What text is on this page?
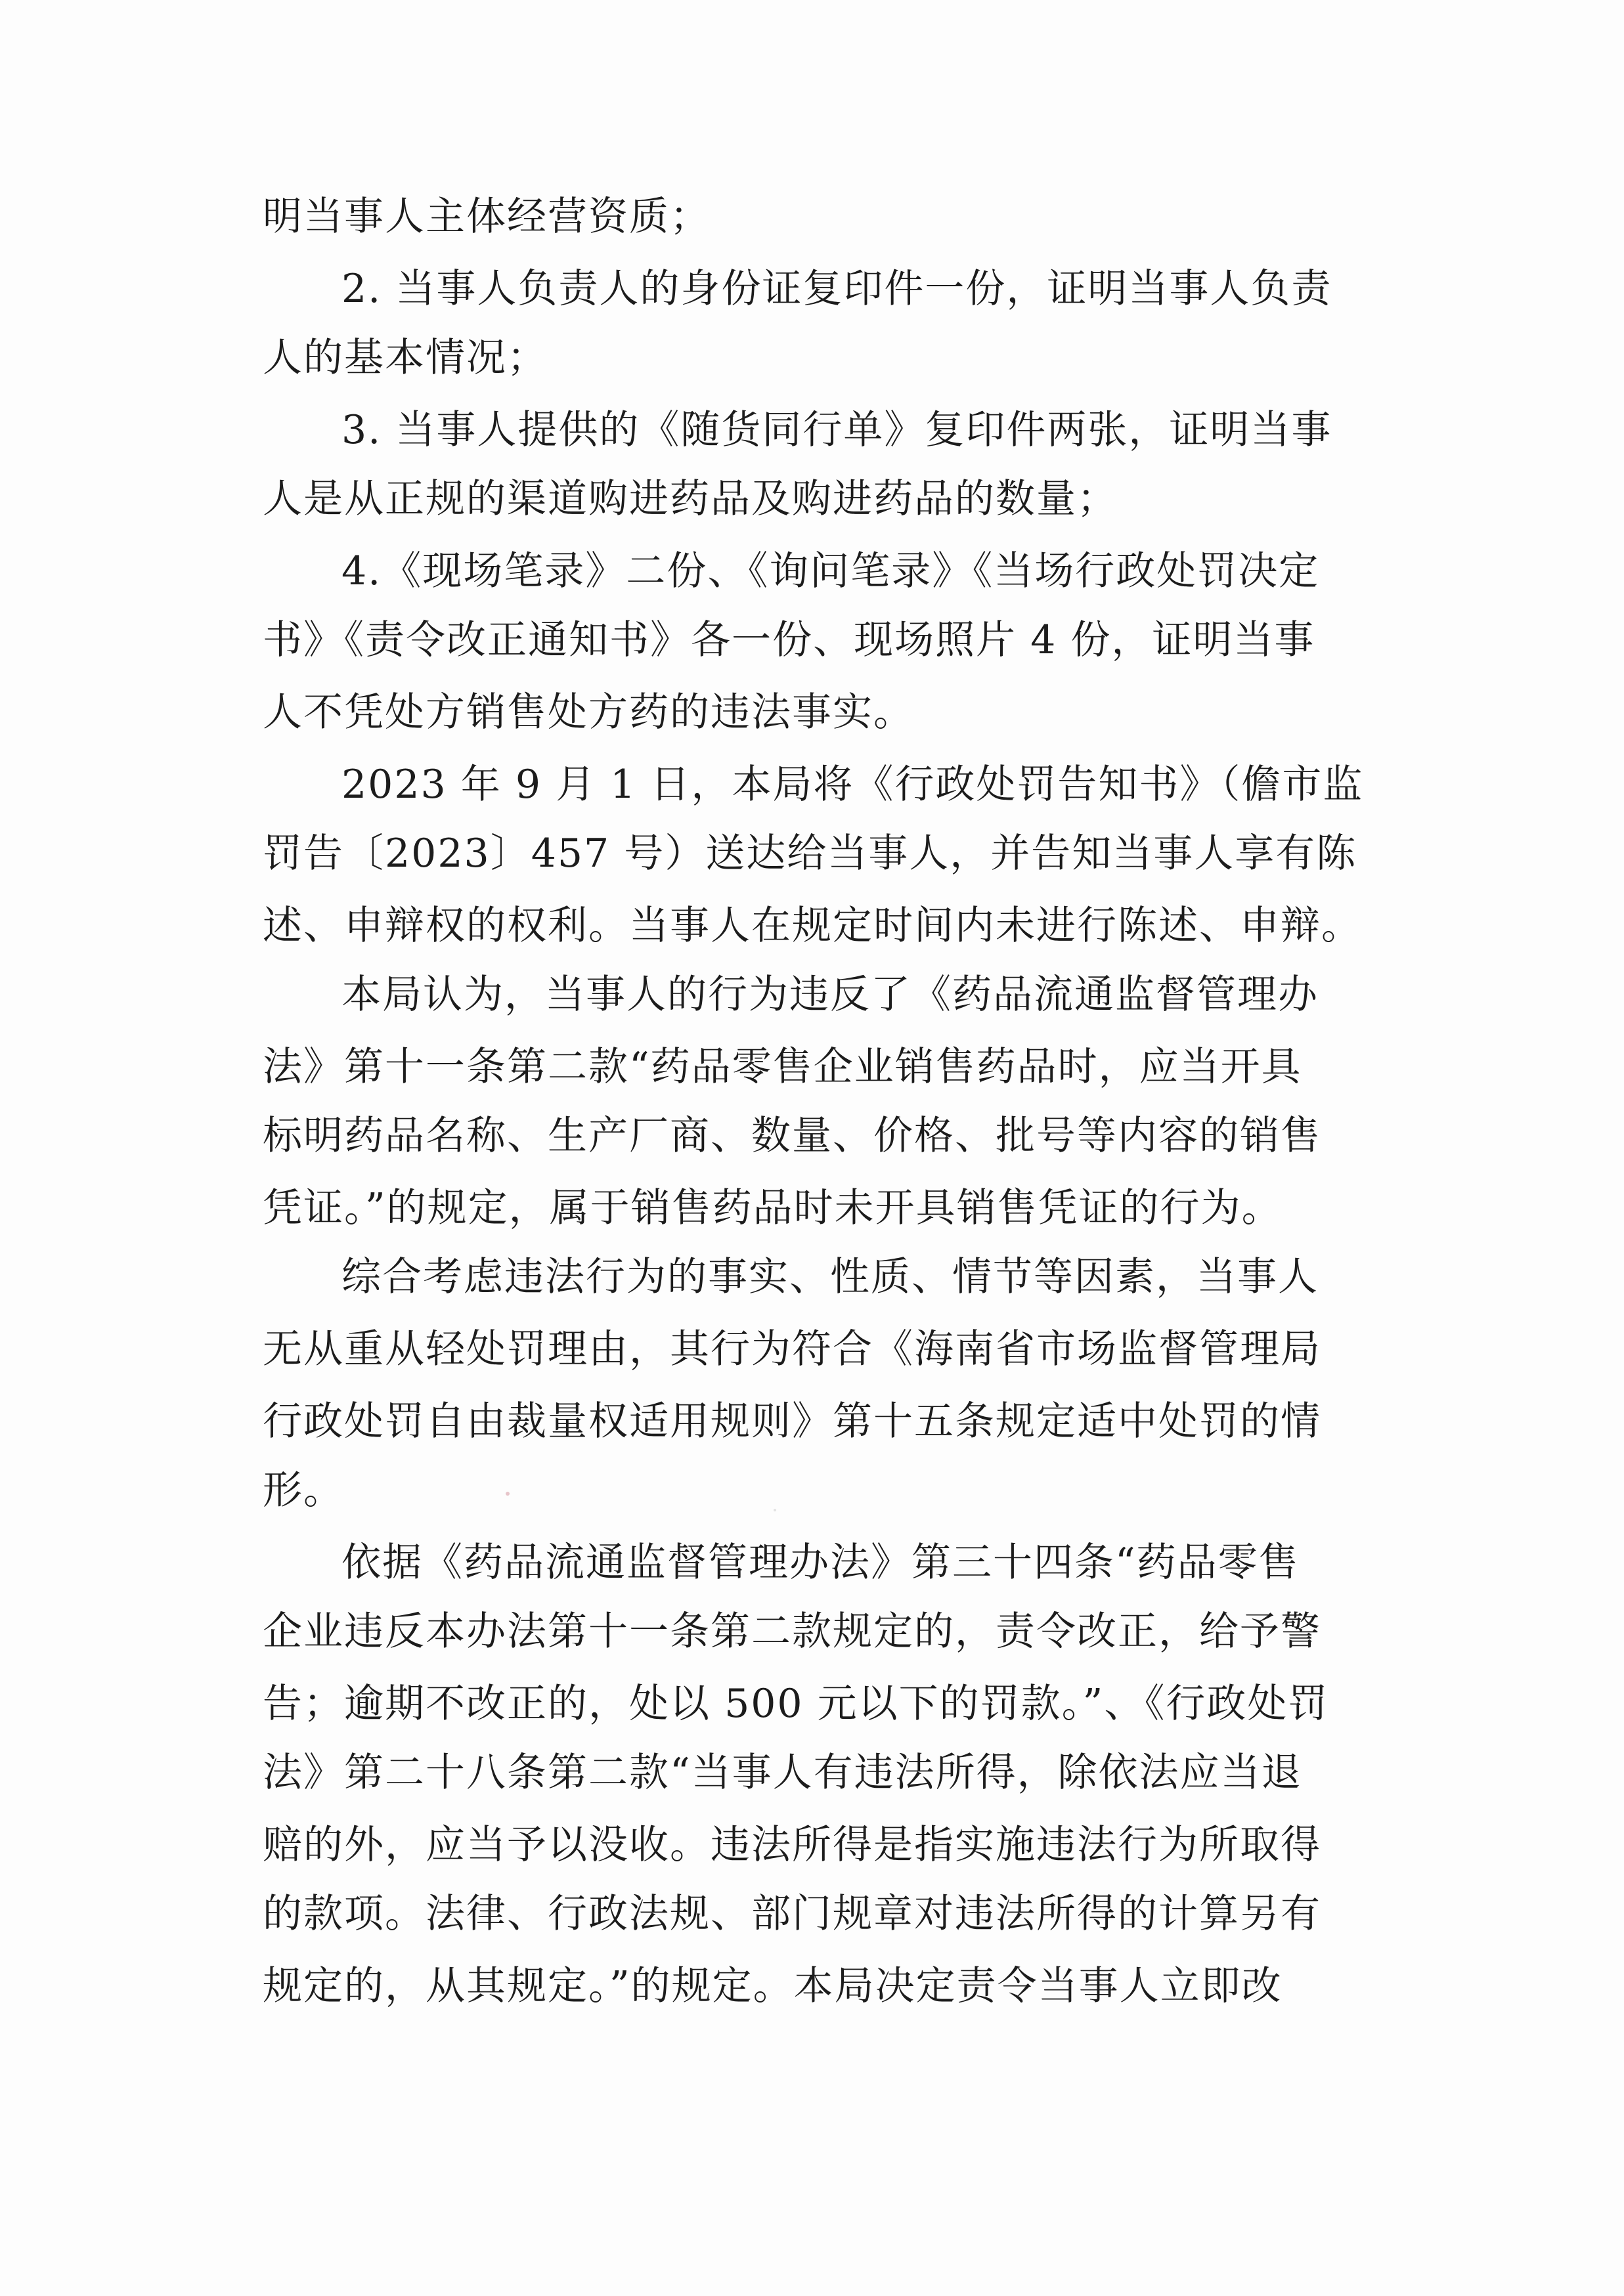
明当事人主体经营资质；
2. 当事人负责人的身份证复印件一份，证明当事人负责
人的基本情况；
3. 当事人提供的《随货同行单》复印件两张，证明当事
人是从正规的渠道购进药品及购进药品的数量；
4.《现场笔录》二份、《询问笔录》《当场行政处罚决定
书》《责令改正通知书》各一份、现场照片 4 份，证明当事
人不凭处方销售处方药的违法事实。
2023 年 9 月 1 日，本局将《行政处罚告知书》（儋市监
罚告〔2023〕457 号）送达给当事人，并告知当事人享有陈
述、申辩权的权利。当事人在规定时间内未进行陈述、申辩。
本局认为，当事人的行为违反了《药品流通监督管理办
法》第十一条第二款“药品零售企业销售药品时，应当开具
标明药品名称、生产厂商、数量、价格、批号等内容的销售
凭证。”的规定，属于销售药品时未开具销售凭证的行为。
综合考虑违法行为的事实、性质、情节等因素，当事人
无从重从轻处罚理由，其行为符合《海南省市场监督管理局
行政处罚自由裁量权适用规则》第十五条规定适中处罚的情
形。
依据《药品流通监督管理办法》第三十四条“药品零售
企业违反本办法第十一条第二款规定的，责令改正，给予警
告；逾期不改正的，处以 500 元以下的罚款。”、《行政处罚
法》第二十八条第二款“当事人有违法所得，除依法应当退
赔的外，应当予以没收。违法所得是指实施违法行为所取得
的款项。法律、行政法规、部门规章对违法所得的计算另有
规定的，从其规定。”的规定。本局决定责令当事人立即改
